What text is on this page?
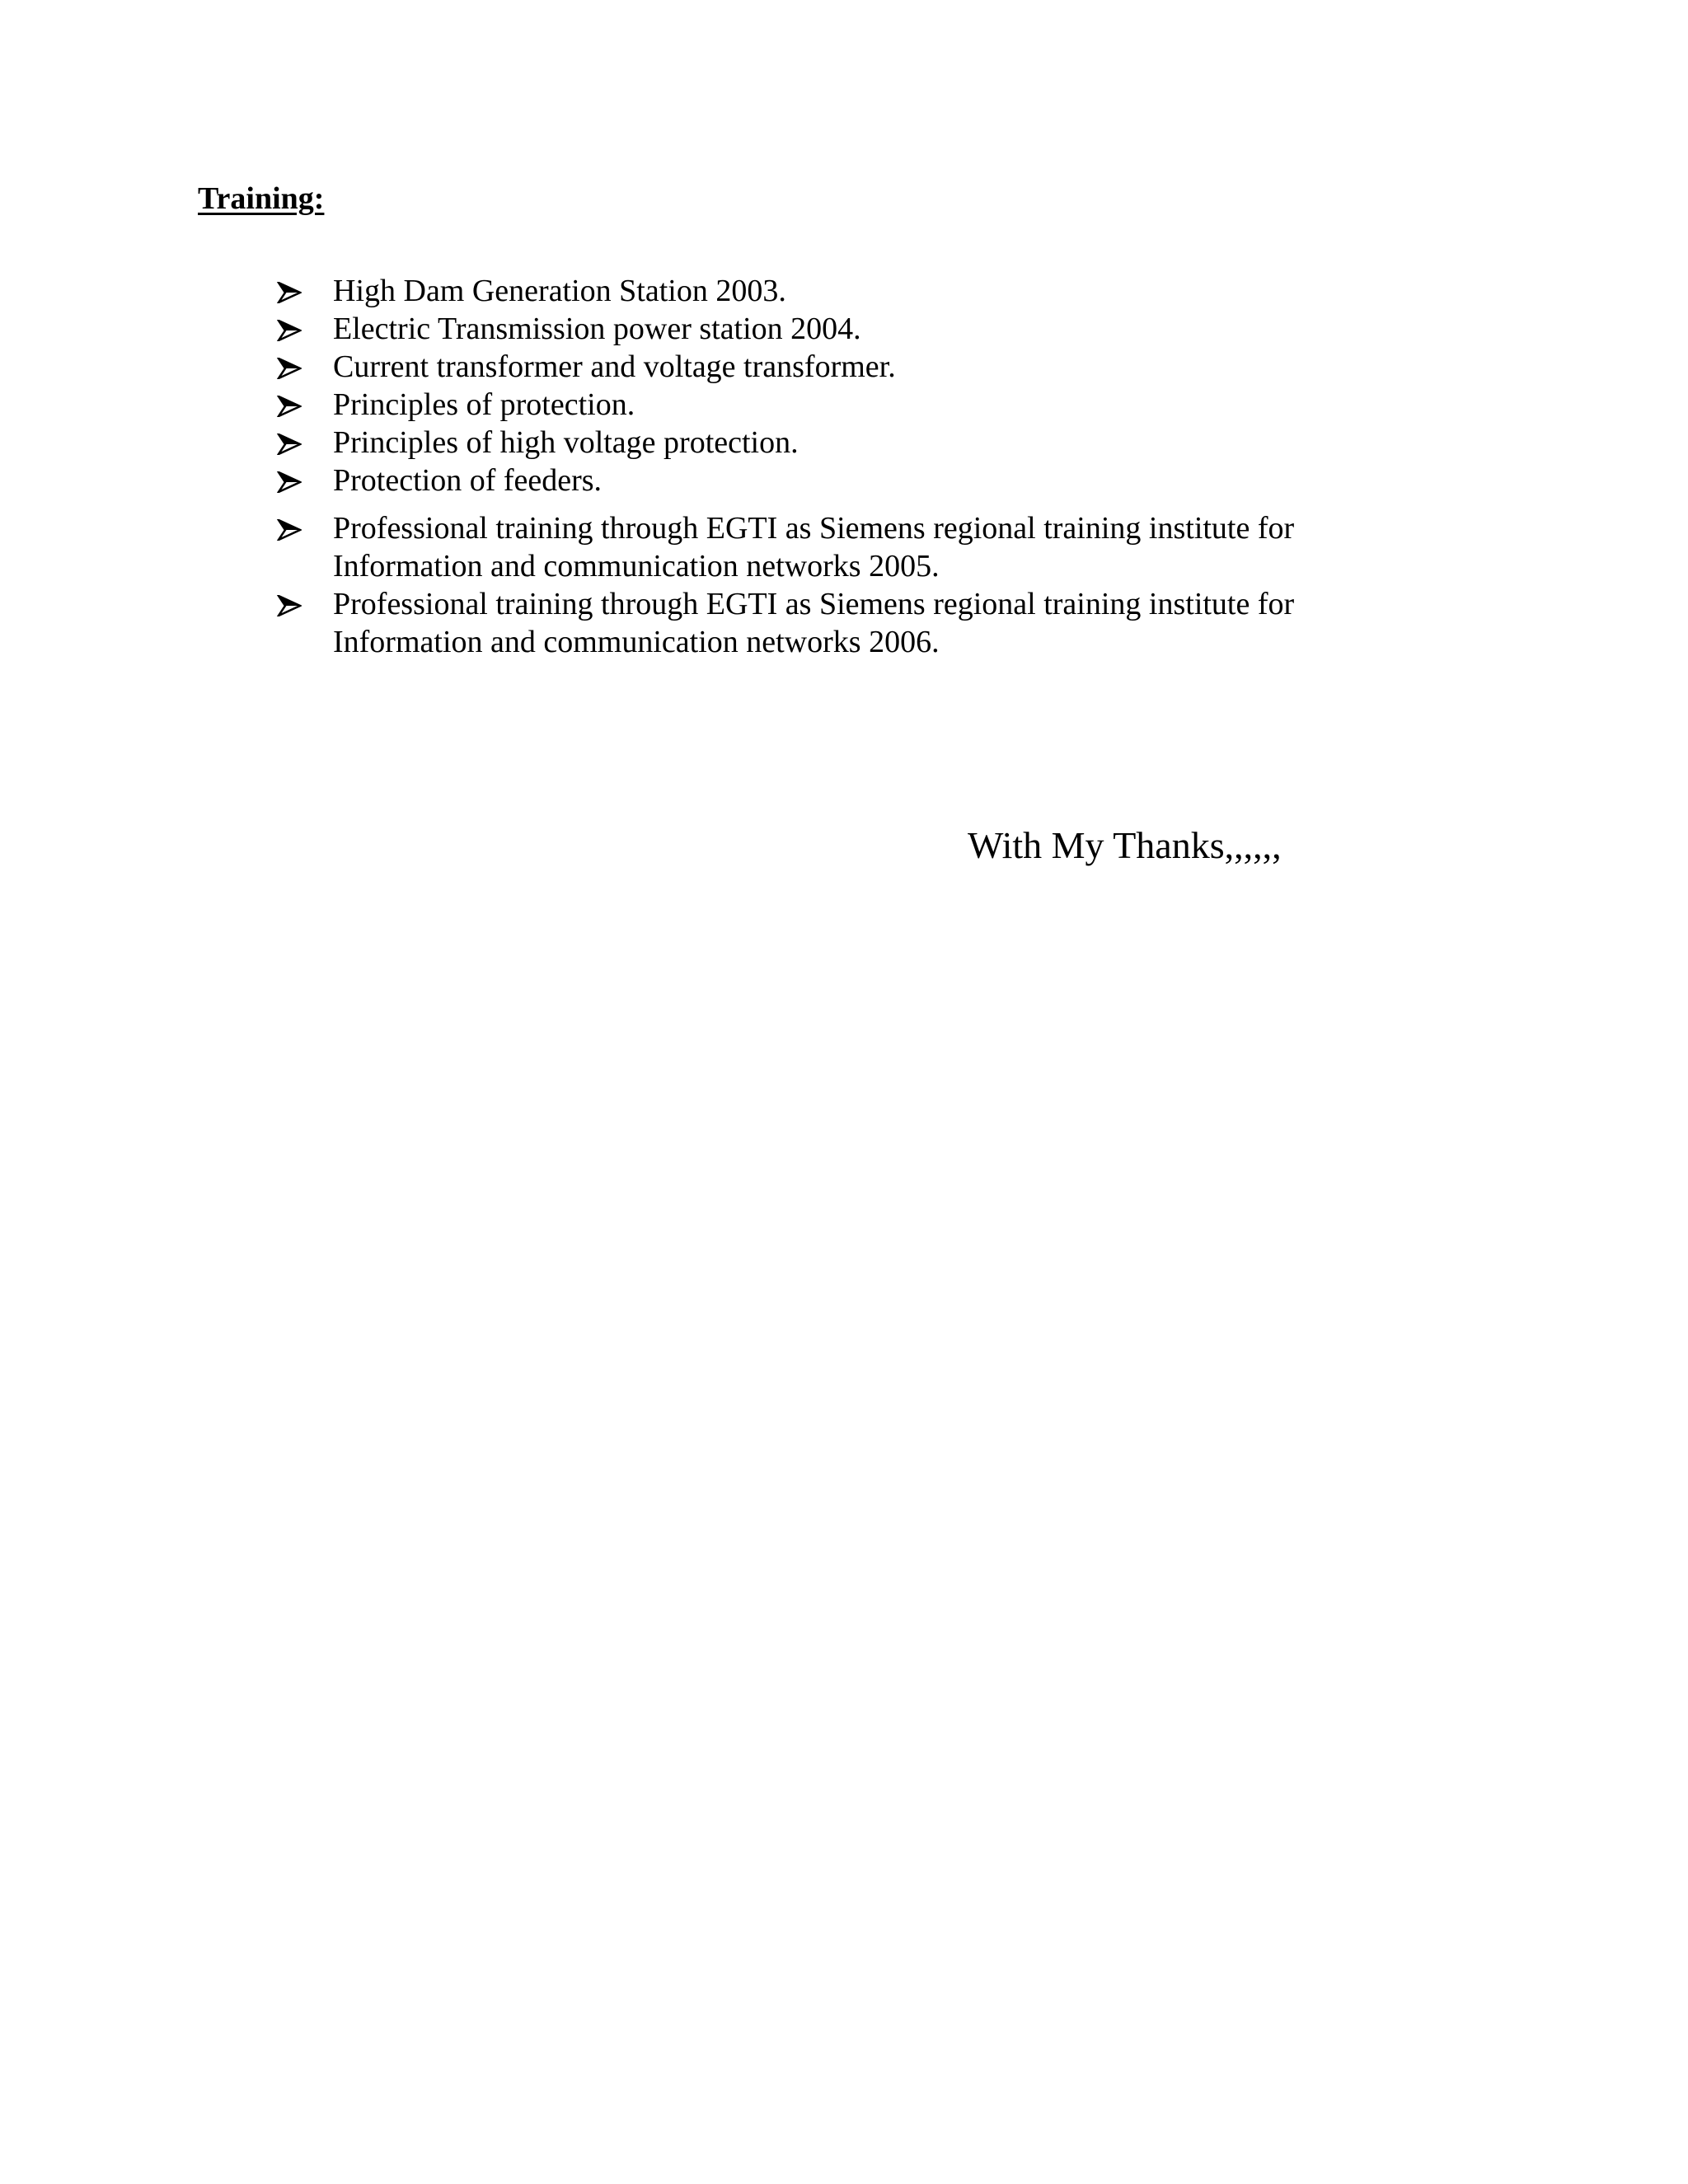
Training:
High Dam Generation Station 2003.
Electric Transmission power station 2004.
Current transformer and voltage transformer.
Principles of protection.
Principles of high voltage protection.
Protection of feeders.
Professional training through EGTI as Siemens regional training institute for Information and communication networks 2005.
Professional training through EGTI as Siemens regional training institute for Information and communication networks 2006.

With My Thanks,,,,,,
